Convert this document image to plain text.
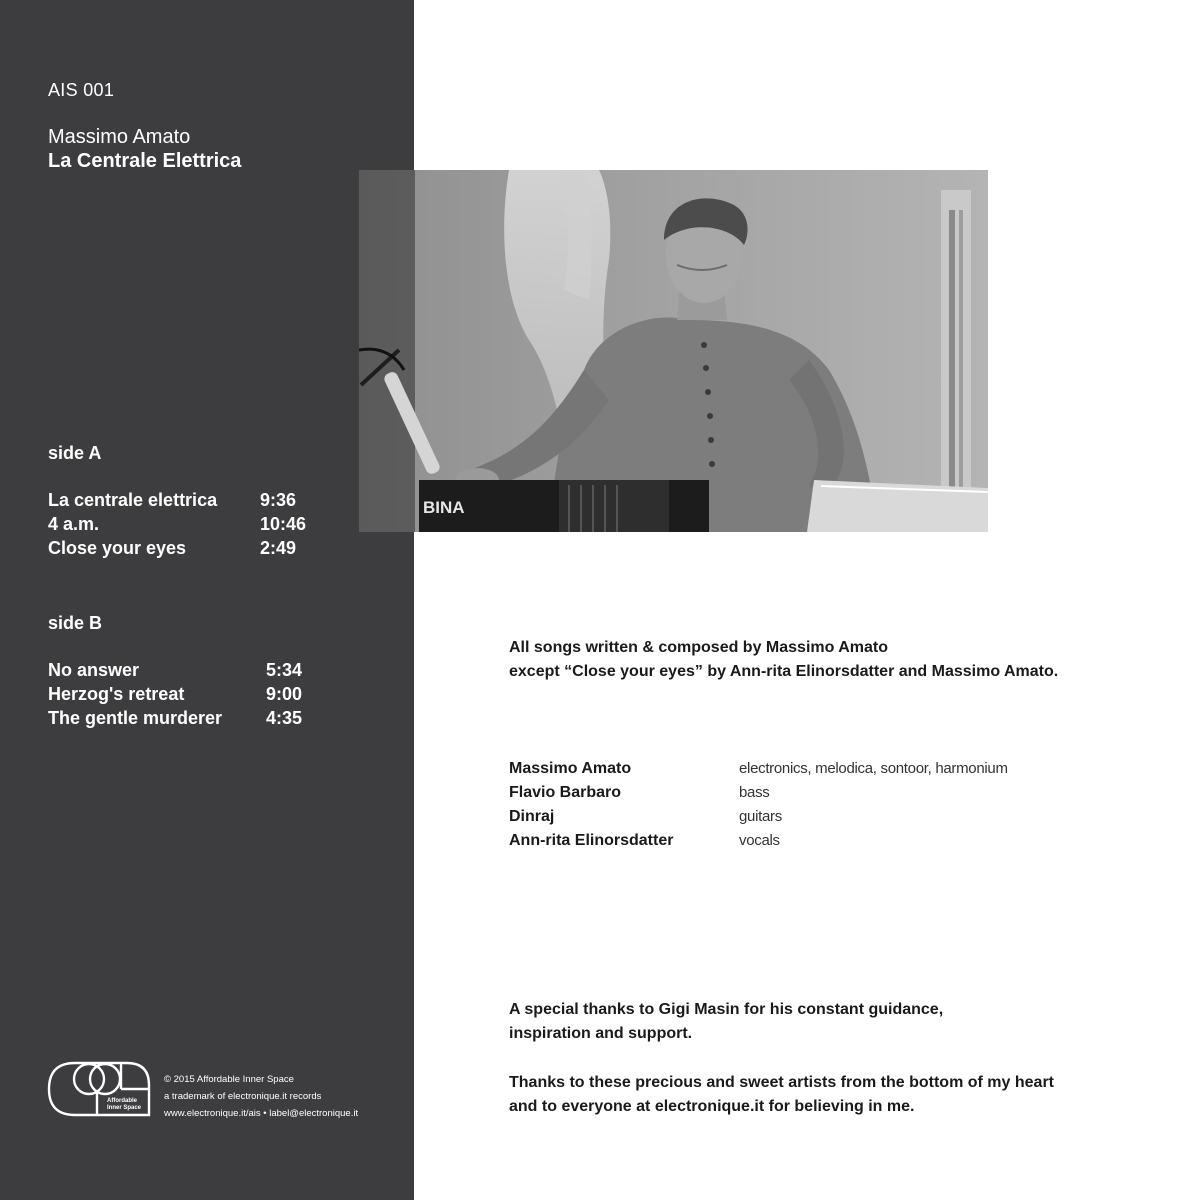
AIS 001
Massimo Amato
La Centrale Elettrica
side A
La centrale elettrica 9:36
4 a.m.	10:46
Close your eyes	2:49
side B
No answer	5:34
Herzog's retreat	9:00
The gentle murderer 4:35
Affordable
Inner Space
© 2015 Affordable Inner Space
a trademark of electronique.it records
www.electronique.it/ais • label@electronique.it
BINA
All songs written & composed by Massimo Amato
except “Close your eyes” by Ann-rita Elinorsdatter and Massimo Amato.
Massimo Amato	electronics, melodica, sontoor, harmonium
Flavio Barbaro	bass
Dinraj	guitars
Ann-rita Elinorsdatter	vocals
A special thanks to Gigi Masin for his constant guidance,
inspiration and support.
Thanks to these precious and sweet artists from the bottom of my heart
and to everyone at electronique.it for believing in me.
